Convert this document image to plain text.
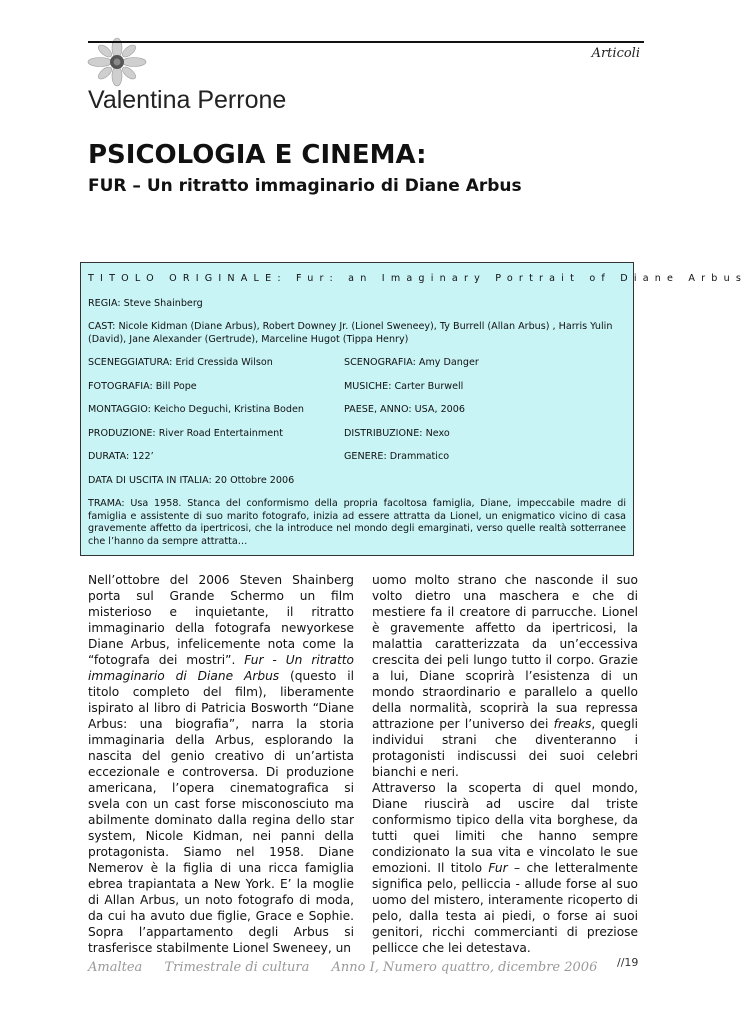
Articoli
Valentina Perrone
PSICOLOGIA E CINEMA:
FUR – Un ritratto immaginario di Diane Arbus
TITOLO ORIGINALE: Fur: an Imaginary Portrait of Diane Arbus
REGIA: Steve Shainberg
CAST: Nicole Kidman (Diane Arbus), Robert Downey Jr. (Lionel Sweneey), Ty Burrell (Allan Arbus) , Harris Yulin (David), Jane Alexander (Gertrude), Marceline Hugot (Tippa Henry)
SCENEGGIATURA: Erid Cressida Wilson	SCENOGRAFIA: Amy Danger
FOTOGRAFIA: Bill Pope	MUSICHE: Carter Burwell
MONTAGGIO: Keicho Deguchi, Kristina Boden	PAESE, ANNO: USA, 2006
PRODUZIONE: River Road Entertainment	DISTRIBUZIONE: Nexo
DURATA: 122’	GENERE: Drammatico
DATA DI USCITA IN ITALIA: 20 Ottobre 2006
TRAMA: Usa 1958. Stanca del conformismo della propria facoltosa famiglia, Diane, impeccabile madre di famiglia e assistente di suo marito fotografo, inizia ad essere attratta da Lionel, un enigmatico vicino di casa gravemente affetto da ipertricosi, che la introduce nel mondo degli emarginati, verso quelle realtà sotterranee che l’hanno da sempre attratta…

Nell’ottobre del 2006 Steven Shainberg porta sul Grande Schermo un film misterioso e inquietante, il ritratto immaginario della fotografa newyorkese Diane Arbus, infelicemente nota come la “fotografa dei mostri”. Fur - Un ritratto immaginario di Diane Arbus (questo il titolo completo del film), liberamente ispirato al libro di Patricia Bosworth “Diane Arbus: una biografia”, narra la storia immaginaria della Arbus, esplorando la nascita del genio creativo di un’artista eccezionale e controversa. Di produzione americana, l’opera cinematografica si svela con un cast forse misconosciuto ma abilmente dominato dalla regina dello star system, Nicole Kidman, nei panni della protagonista. Siamo nel 1958. Diane Nemerov è la figlia di una ricca famiglia ebrea trapiantata a New York. E’ la moglie di Allan Arbus, un noto fotografo di moda, da cui ha avuto due figlie, Grace e Sophie. Sopra l’appartamento degli Arbus si trasferisce stabilmente Lionel Sweneey, un

uomo molto strano che nasconde il suo volto dietro una maschera e che di mestiere fa il creatore di parrucche. Lionel è gravemente affetto da ipertricosi, la malattia caratterizzata da un’eccessiva crescita dei peli lungo tutto il corpo. Grazie a lui, Diane scoprirà l’esistenza di un mondo straordinario e parallelo a quello della normalità, scoprirà la sua repressa attrazione per l’universo dei freaks, quegli individui strani che diventeranno i protagonisti indiscussi dei suoi celebri bianchi e neri.

Attraverso la scoperta di quel mondo, Diane riuscirà ad uscire dal triste conformismo tipico della vita borghese, da tutti quei limiti che hanno sempre condizionato la sua vita e vincolato le sue emozioni. Il titolo Fur – che letteralmente significa pelo, pelliccia - allude forse al suo uomo del mistero, interamente ricoperto di pelo, dalla testa ai piedi, o forse ai suoi genitori, ricchi commercianti di preziose pellicce che lei detestava.

Amaltea Trimestrale di cultura Anno I, Numero quattro, dicembre 2006	//19
